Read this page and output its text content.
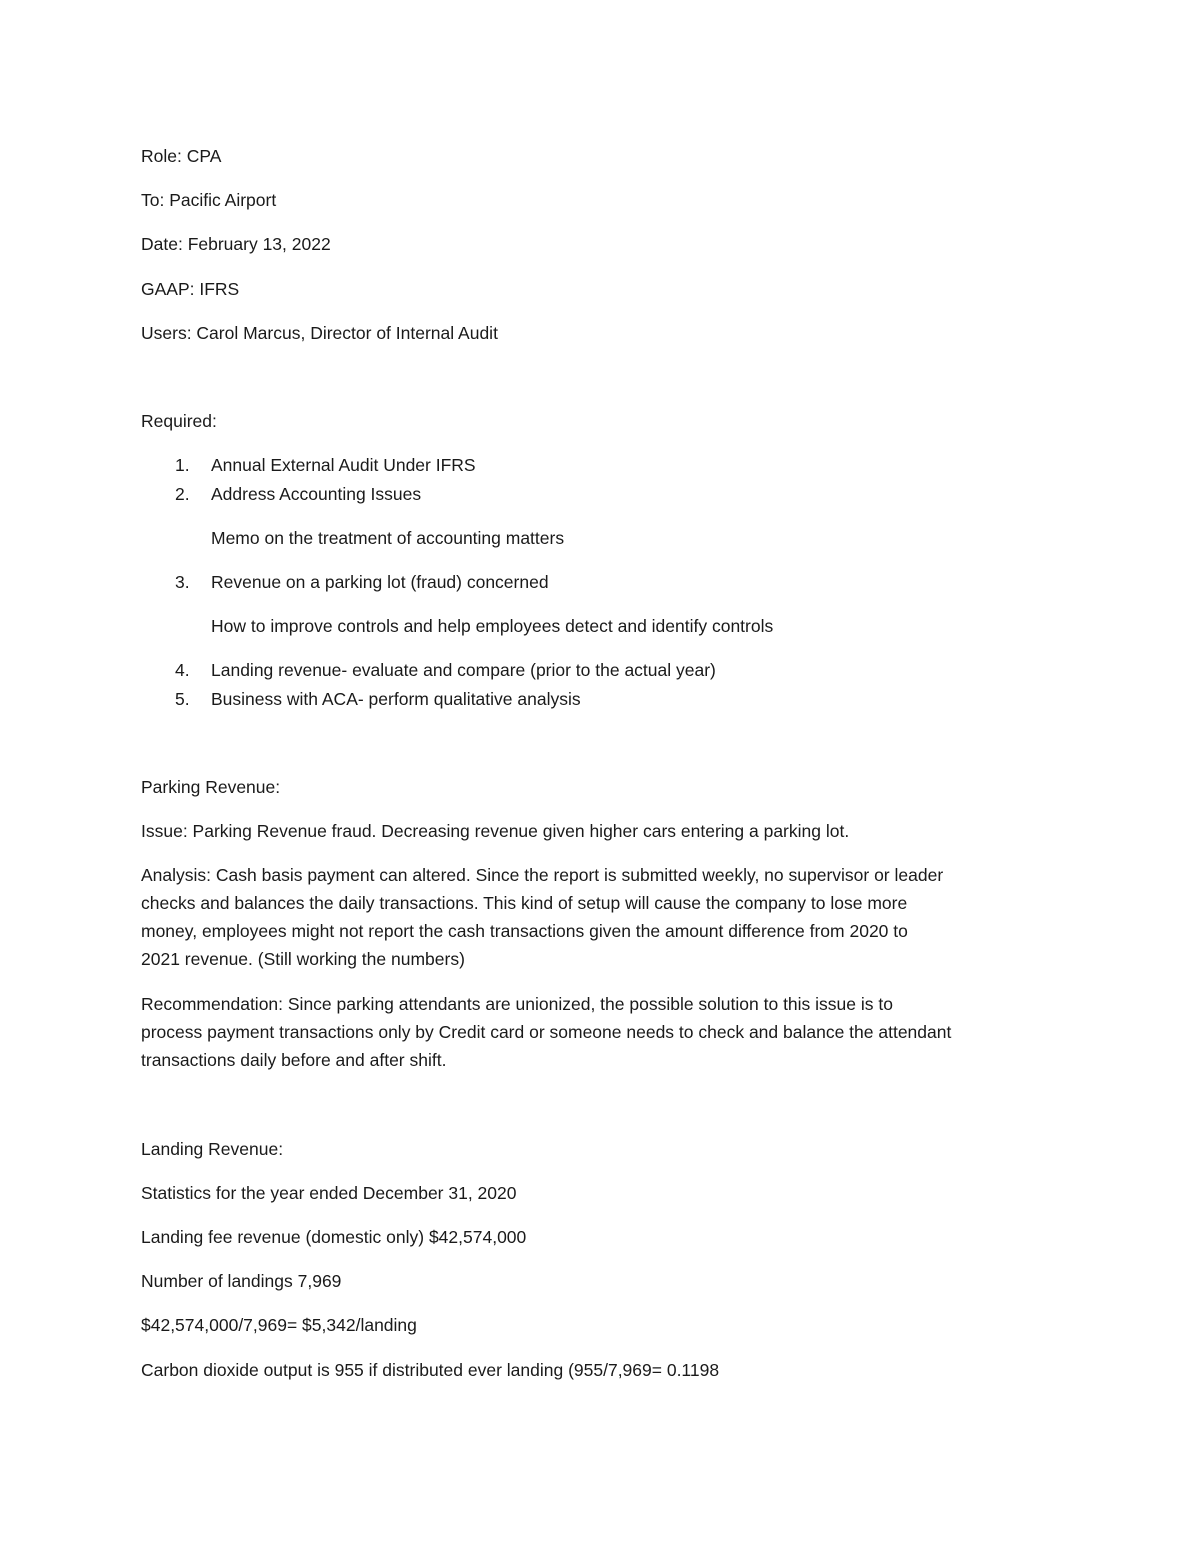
Role: CPA
To: Pacific Airport
Date: February 13, 2022
GAAP: IFRS
Users: Carol Marcus, Director of Internal Audit
Required:
1. Annual External Audit Under IFRS
2. Address Accounting Issues
Memo on the treatment of accounting matters
3. Revenue on a parking lot (fraud) concerned
How to improve controls and help employees detect and identify controls
4. Landing revenue- evaluate and compare (prior to the actual year)
5. Business with ACA- perform qualitative analysis
Parking Revenue:
Issue: Parking Revenue fraud. Decreasing revenue given higher cars entering a parking lot.
Analysis: Cash basis payment can altered. Since the report is submitted weekly, no supervisor or leader
checks and balances the daily transactions. This kind of setup will cause the company to lose more
money, employees might not report the cash transactions given the amount difference from 2020 to
2021 revenue. (Still working the numbers)
Recommendation: Since parking attendants are unionized, the possible solution to this issue is to
process payment transactions only by Credit card or someone needs to check and balance the attendant
transactions daily before and after shift.
Landing Revenue:
Statistics for the year ended December 31, 2020
Landing fee revenue (domestic only) $42,574,000
Number of landings 7,969
$42,574,000/7,969= $5,342/landing
Carbon dioxide output is 955 if distributed ever landing (955/7,969= 0.1198
